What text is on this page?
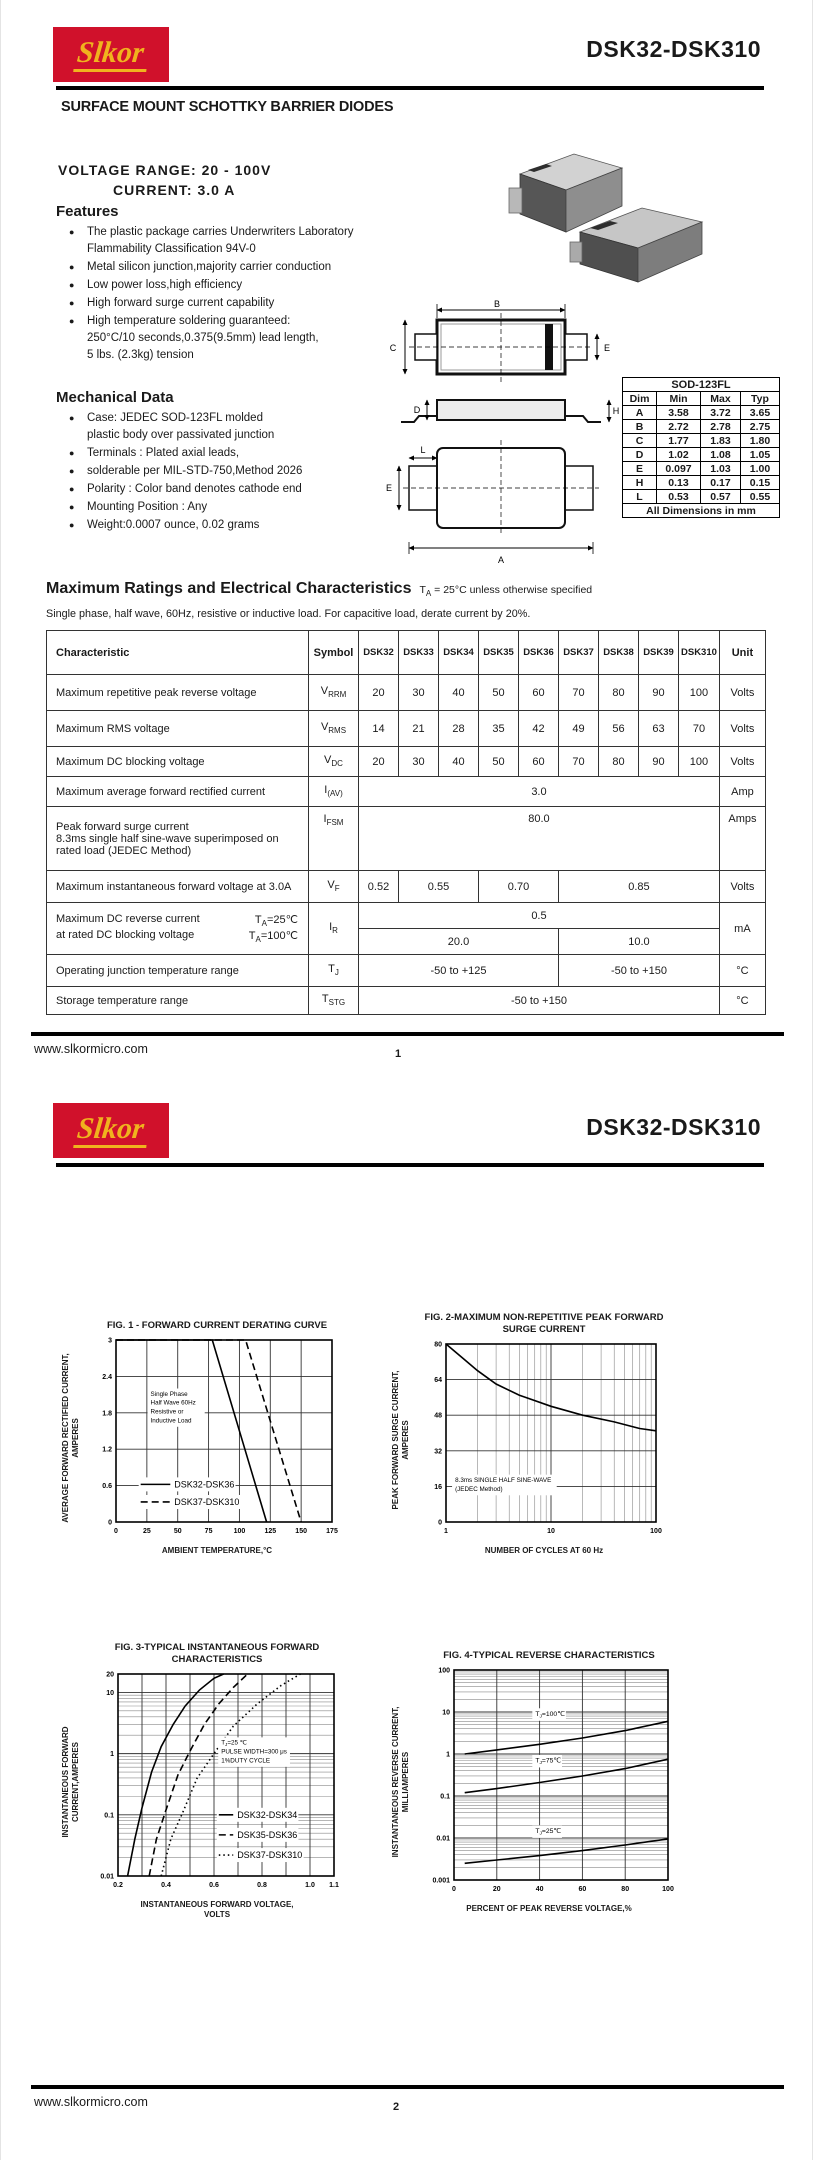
Slkor	DSK32-DSK310
SURFACE MOUNT SCHOTTKY BARRIER DIODES
VOLTAGE RANGE: 20 - 100V
CURRENT: 3.0 A
Features
●	The plastic package carries Underwriters Laboratory
Flammability Classification 94V-0
●	Metal silicon junction,majority carrier conduction
●	Low power loss,high efficiency
●	High forward surge current capability
●	High temperature soldering guaranteed:
250°C/10 seconds,0.375(9.5mm) lead length,
5 lbs. (2.3kg) tension
Mechanical Data
●	Case: JEDEC SOD-123FL molded
plastic body over passivated junction
●	Terminals : Plated axial leads,
●	solderable per MIL-STD-750,Method 2026
●	Polarity : Color band denotes cathode end
●	Mounting Position : Any
●	Weight:0.0007 ounce, 0.02 grams
B
C	E
D	H
L
E
A
SOD-123FL			
Dim	Min	Max	Typ
A	3.58	3.72	3.65
B	2.72	2.78	2.75
C	1.77	1.83	1.80
D	1.02	1.08	1.05
E	0.097	1.03	1.00
H	0.13	0.17	0.15
L	0.53	0.57	0.55
All Dimensions in mm			
Maximum Ratings and Electrical Characteristics $T_A = 25^\circ C$ unless otherwise specified
Single phase, half wave, 60Hz, resistive or inductive load. For capacitive load, derate current by 20%.
Characteristic	Symbol	DSK32	DSK33	DSK34	DSK35	DSK36	DSK37	DSK38	DSK39	DSK310	Unit

Maximum repetitive peak reverse voltage	$V_{RRM}$	20	30	40	50	60	70	80	90	100	Volts

Maximum RMS voltage	$V_{RMS}$	14	21	28	35	42	49	56	63	70	Volts

Maximum DC blocking voltage	$V_{DC}$	20	30	40	50	60	70	80	90	100	Volts

Maximum average forward rectified current	$I_{(AV)}$	3.0									Amp

Peak forward surge current
8.3ms single half sine-wave superimposed on
rated load (JEDEC Method)	$I_{FSM}$	80.0									Amps

Maximum instantaneous forward voltage at 3.0A	$V_F$	0.52	0.55		0.70		0.85				Volts

Maximum DC reverse current $T_A=25℃$
at rated DC blocking voltage $T_A=100℃$	$I_R$	0.5									mA
		20.0					10.0				

Operating junction temperature range	$T_J$	-50 to +125					-50 to +150				°C

Storage temperature range	$T_{STG}$	-50 to +150									°C
www.slkormicro.com	1
Slkor	DSK32-DSK310
FIG. 1 - FORWARD CURRENT DERATING CURVE
AVERAGE FORWARD RECTIFIED CURRENT, AMPERES
0	25	50	75	100	125	150	175
0
0.6
1.2
1.8
2.4
3
Single Phase
Half Wave 60Hz
Resistive or
Inductive Load
DSK32-DSK36
DSK37-DSK310
AMBIENT TEMPERATURE,°C
FIG. 2-MAXIMUM NON-REPETITIVE PEAK FORWARD
SURGE CURRENT
PEAK FORWARD SURGE CURRENT, AMPERES
1	10	100
0
16
32
48
64
80
8.3ms SINGLE HALF SINE-WAVE
(JEDEC Method)
NUMBER OF CYCLES AT 60 Hz
FIG. 3-TYPICAL INSTANTANEOUS FORWARD
CHARACTERISTICS
INSTANTANEOUS FORWARD CURRENT,AMPERES
0.2	0.4	0.6	0.8	1.0 1.1
20
10
1
0.1
0.01
$T_J=25$ ℃
PULSE WIDTH=300 μs
1%DUTY CYCLE
DSK32-DSK34
DSK35-DSK36
DSK37-DSK310
INSTANTANEOUS FORWARD VOLTAGE,
VOLTS
FIG. 4-TYPICAL REVERSE CHARACTERISTICS
INSTANTANEOUS REVERSE CURRENT, MILLIAMPERES
0	20	40	60	80	100
100
10
1
0.1
0.01
0.001
$T_J=100℃$
$T_J=75℃$
$T_J=25℃$
PERCENT OF PEAK REVERSE VOLTAGE,%
www.slkormicro.com	2
